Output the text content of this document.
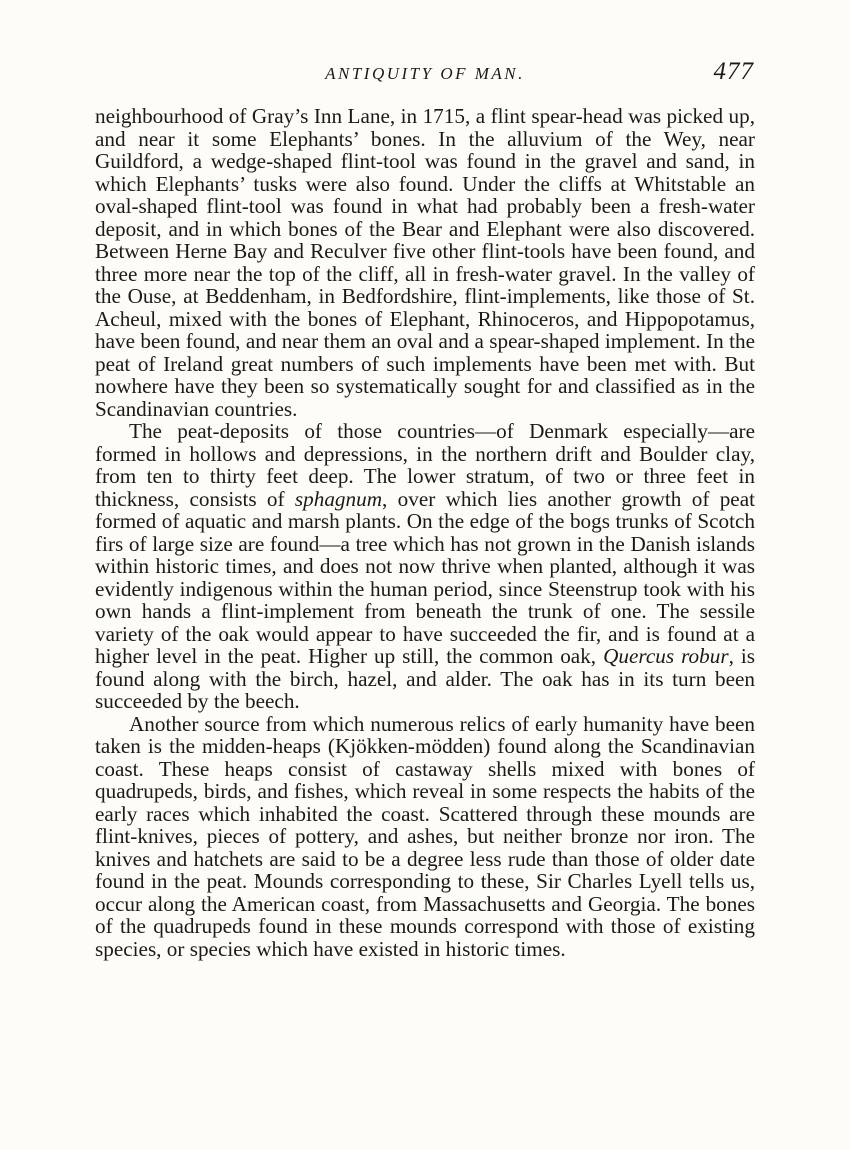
ANTIQUITY OF MAN.	477

neighbourhood of Gray’s Inn Lane, in 1715, a flint spear-head was picked up, and near it some Elephants’ bones. In the alluvium of the Wey, near Guildford, a wedge-shaped flint-tool was found in the gravel and sand, in which Elephants’ tusks were also found. Under the cliffs at Whitstable an oval-shaped flint-tool was found in what had probably been a fresh-water deposit, and in which bones of the Bear and Elephant were also discovered. Between Herne Bay and Reculver five other flint-tools have been found, and three more near the top of the cliff, all in fresh-water gravel. In the valley of the Ouse, at Beddenham, in Bedfordshire, flint-implements, like those of St. Acheul, mixed with the bones of Elephant, Rhinoceros, and Hippopotamus, have been found, and near them an oval and a spear-shaped implement. In the peat of Ireland great numbers of such implements have been met with. But nowhere have they been so systematically sought for and classified as in the Scandinavian countries.

The peat-deposits of those countries—of Denmark especially—are formed in hollows and depressions, in the northern drift and Boulder clay, from ten to thirty feet deep. The lower stratum, of two or three feet in thickness, consists of sphagnum, over which lies another growth of peat formed of aquatic and marsh plants. On the edge of the bogs trunks of Scotch firs of large size are found—a tree which has not grown in the Danish islands within historic times, and does not now thrive when planted, although it was evidently indigenous within the human period, since Steenstrup took with his own hands a flint-implement from beneath the trunk of one. The sessile variety of the oak would appear to have succeeded the fir, and is found at a higher level in the peat. Higher up still, the common oak, Quercus robur, is found along with the birch, hazel, and alder. The oak has in its turn been succeeded by the beech.

Another source from which numerous relics of early humanity have been taken is the midden-heaps (Kjökken-mödden) found along the Scandinavian coast. These heaps consist of castaway shells mixed with bones of quadrupeds, birds, and fishes, which reveal in some respects the habits of the early races which inhabited the coast. Scattered through these mounds are flint-knives, pieces of pottery, and ashes, but neither bronze nor iron. The knives and hatchets are said to be a degree less rude than those of older date found in the peat. Mounds corresponding to these, Sir Charles Lyell tells us, occur along the American coast, from Massachusetts and Georgia. The bones of the quadrupeds found in these mounds correspond with those of existing species, or species which have existed in historic times.
